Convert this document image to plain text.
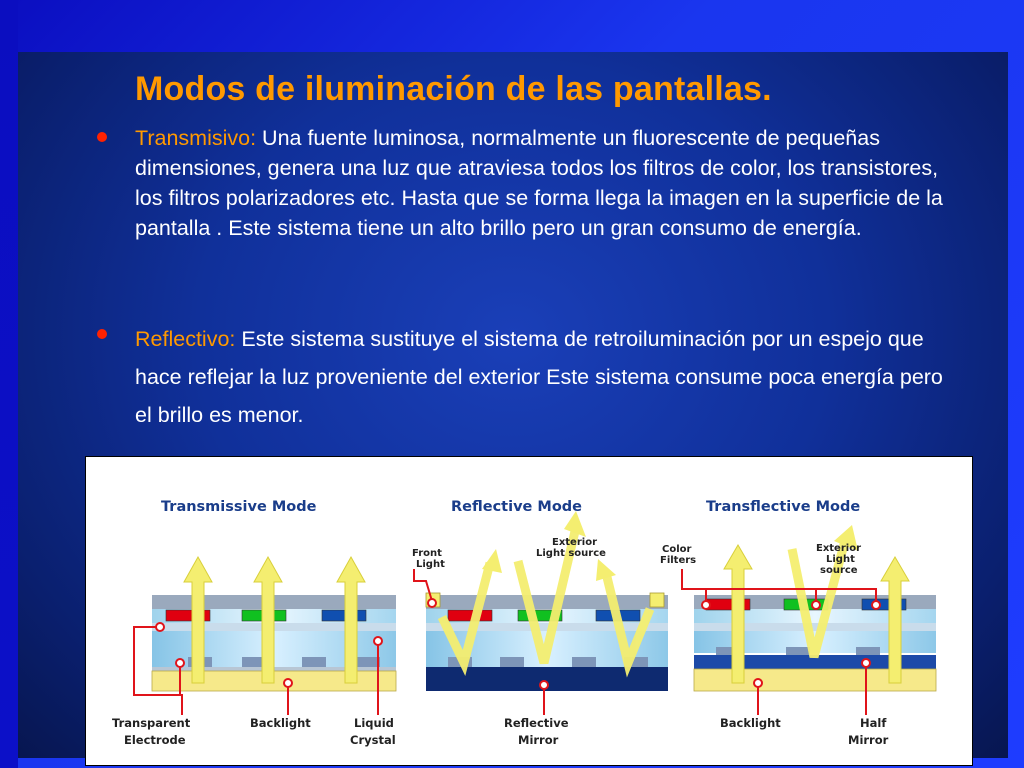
Modos de iluminación de las pantallas.
Transmisivo: Una fuente luminosa, normalmente un fluorescente de pequeñas dimensiones, genera una luz que atraviesa todos los filtros de color, los transistores, los filtros polarizadores etc. Hasta que se forma llega la imagen en la superficie de la pantalla . Este sistema tiene un alto brillo pero un gran consumo de energía.
Reflectivo: Este sistema sustituye el sistema de retroiluminación por un espejo que hace reflejar la luz proveniente del exterior Este sistema consume poca energía pero el brillo es menor.
Transmissive Mode	Reflective Mode	Transflective Mode
Front
Light
Exterior
Light source	Color
Filters
Exterior
Light
source
Transparent
Electrode
Backlight	Liquid
Crystal
Reflective
Mirror
Backlight	Half
Mirror
